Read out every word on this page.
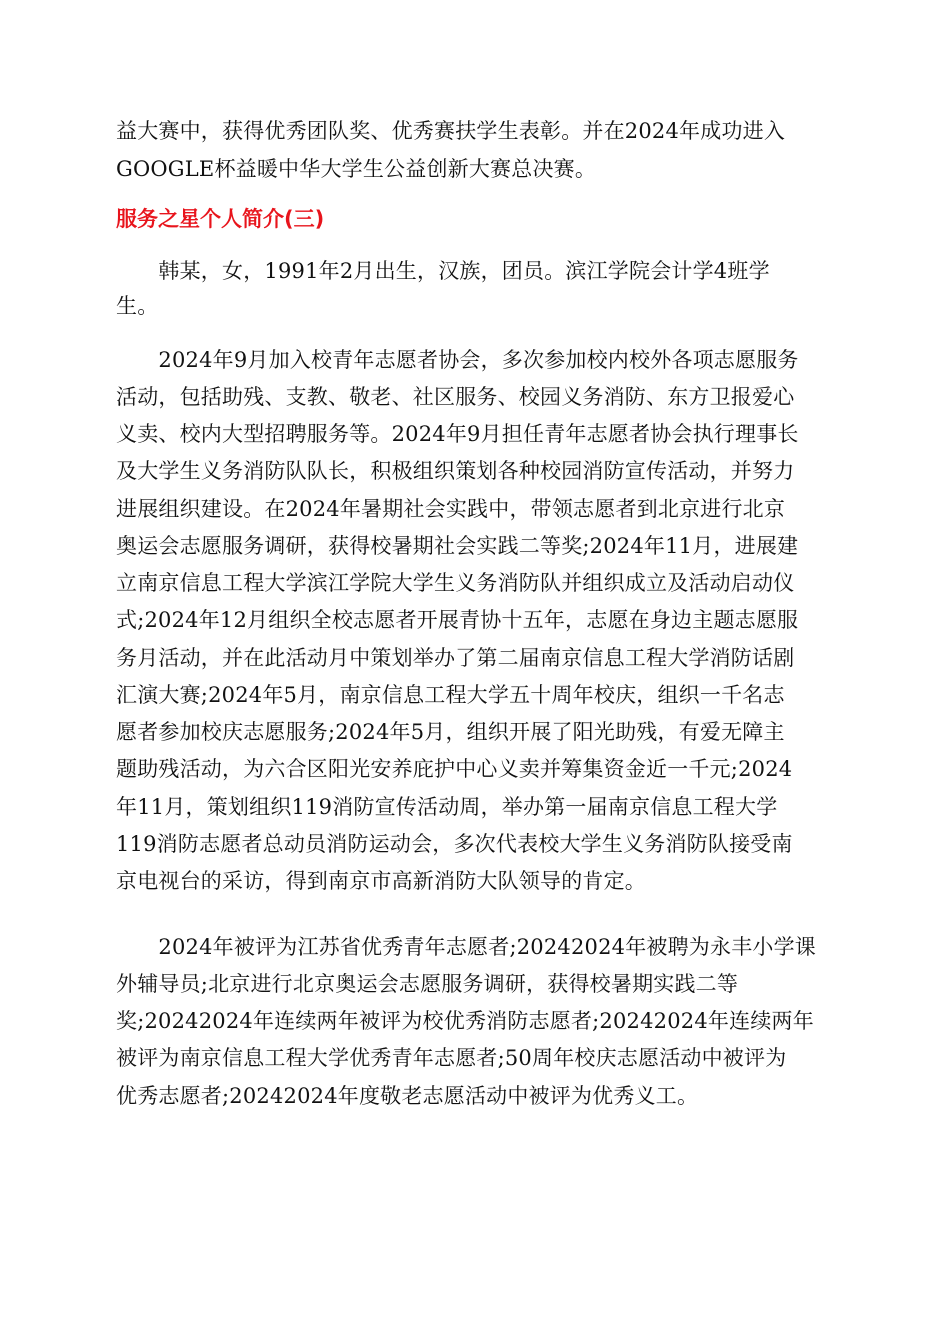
益大赛中，获得优秀团队奖、优秀赛扶学生表彰。并在2024年成功进入
GOOGLE杯益暖中华大学生公益创新大赛总决赛。
服务之星个人简介(三)
　　韩某，女，1991年2月出生，汉族，团员。滨江学院会计学4班学
生。
　　2024年9月加入校青年志愿者协会，多次参加校内校外各项志愿服务
活动，包括助残、支教、敬老、社区服务、校园义务消防、东方卫报爱心
义卖、校内大型招聘服务等。2024年9月担任青年志愿者协会执行理事长
及大学生义务消防队队长，积极组织策划各种校园消防宣传活动，并努力
进展组织建设。在2024年暑期社会实践中，带领志愿者到北京进行北京
奥运会志愿服务调研，获得校暑期社会实践二等奖;2024年11月，进展建
立南京信息工程大学滨江学院大学生义务消防队并组织成立及活动启动仪
式;2024年12月组织全校志愿者开展青协十五年，志愿在身边主题志愿服
务月活动，并在此活动月中策划举办了第二届南京信息工程大学消防话剧
汇演大赛;2024年5月，南京信息工程大学五十周年校庆，组织一千名志
愿者参加校庆志愿服务;2024年5月，组织开展了阳光助残，有爱无障主
题助残活动，为六合区阳光安养庇护中心义卖并筹集资金近一千元;2024
年11月，策划组织119消防宣传活动周，举办第一届南京信息工程大学
119消防志愿者总动员消防运动会，多次代表校大学生义务消防队接受南
京电视台的采访，得到南京市高新消防大队领导的肯定。
　　2024年被评为江苏省优秀青年志愿者;20242024年被聘为永丰小学课
外辅导员;北京进行北京奥运会志愿服务调研，获得校暑期实践二等
奖;20242024年连续两年被评为校优秀消防志愿者;20242024年连续两年
被评为南京信息工程大学优秀青年志愿者;50周年校庆志愿活动中被评为
优秀志愿者;20242024年度敬老志愿活动中被评为优秀义工。
